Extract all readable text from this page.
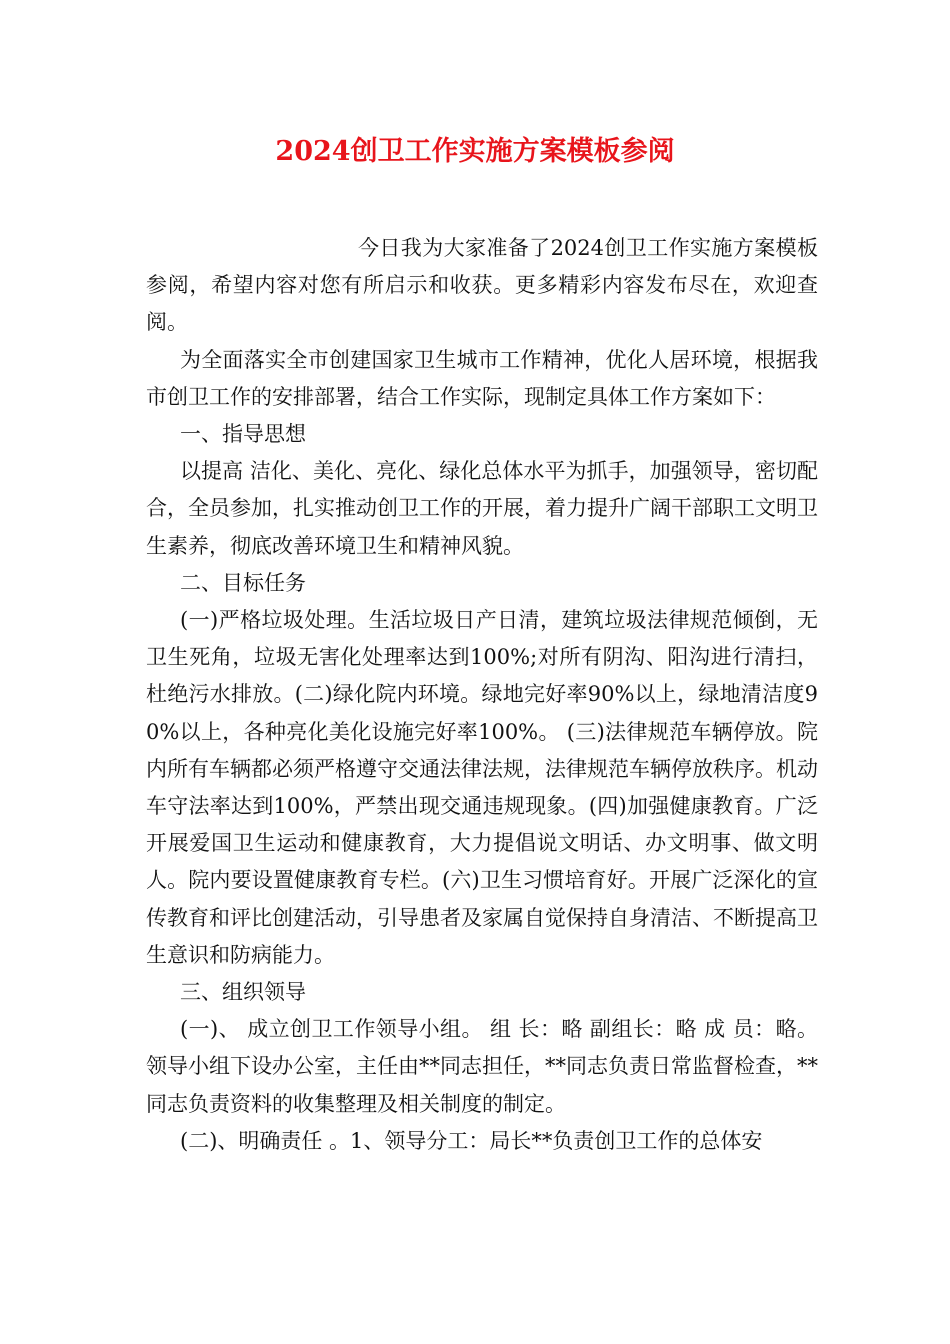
2024创卫工作实施方案模板参阅

今日我为大家准备了2024创卫工作实施方案模板参阅，希望内容对您有所启示和收获。更多精彩内容发布尽在，欢迎查阅。

为全面落实全市创建国家卫生城市工作精神，优化人居环境，根据我市创卫工作的安排部署，结合工作实际，现制定具体工作方案如下：

一、指导思想

以提高 洁化、美化、亮化、绿化总体水平为抓手，加强领导，密切配合，全员参加，扎实推动创卫工作的开展，着力提升广阔干部职工文明卫生素养，彻底改善环境卫生和精神风貌。

二、目标任务

(一)严格垃圾处理。生活垃圾日产日清，建筑垃圾法律规范倾倒，无卫生死角，垃圾无害化处理率达到100%;对所有阴沟、阳沟进行清扫，杜绝污水排放。(二)绿化院内环境。绿地完好率90%以上，绿地清洁度90%以上，各种亮化美化设施完好率100%。 (三)法律规范车辆停放。院内所有车辆都必须严格遵守交通法律法规，法律规范车辆停放秩序。机动车守法率达到100%，严禁出现交通违规现象。(四)加强健康教育。广泛开展爱国卫生运动和健康教育，大力提倡说文明话、办文明事、做文明人。院内要设置健康教育专栏。(六)卫生习惯培育好。开展广泛深化的宣传教育和评比创建活动，引导患者及家属自觉保持自身清洁、不断提高卫生意识和防病能力。

三、组织领导

(一)、 成立创卫工作领导小组。 组 长：略 副组长：略 成 员：略。领导小组下设办公室，主任由**同志担任，**同志负责日常监督检查，**同志负责资料的收集整理及相关制度的制定。

(二)、明确责任 。1、领导分工：局长**负责创卫工作的总体安
